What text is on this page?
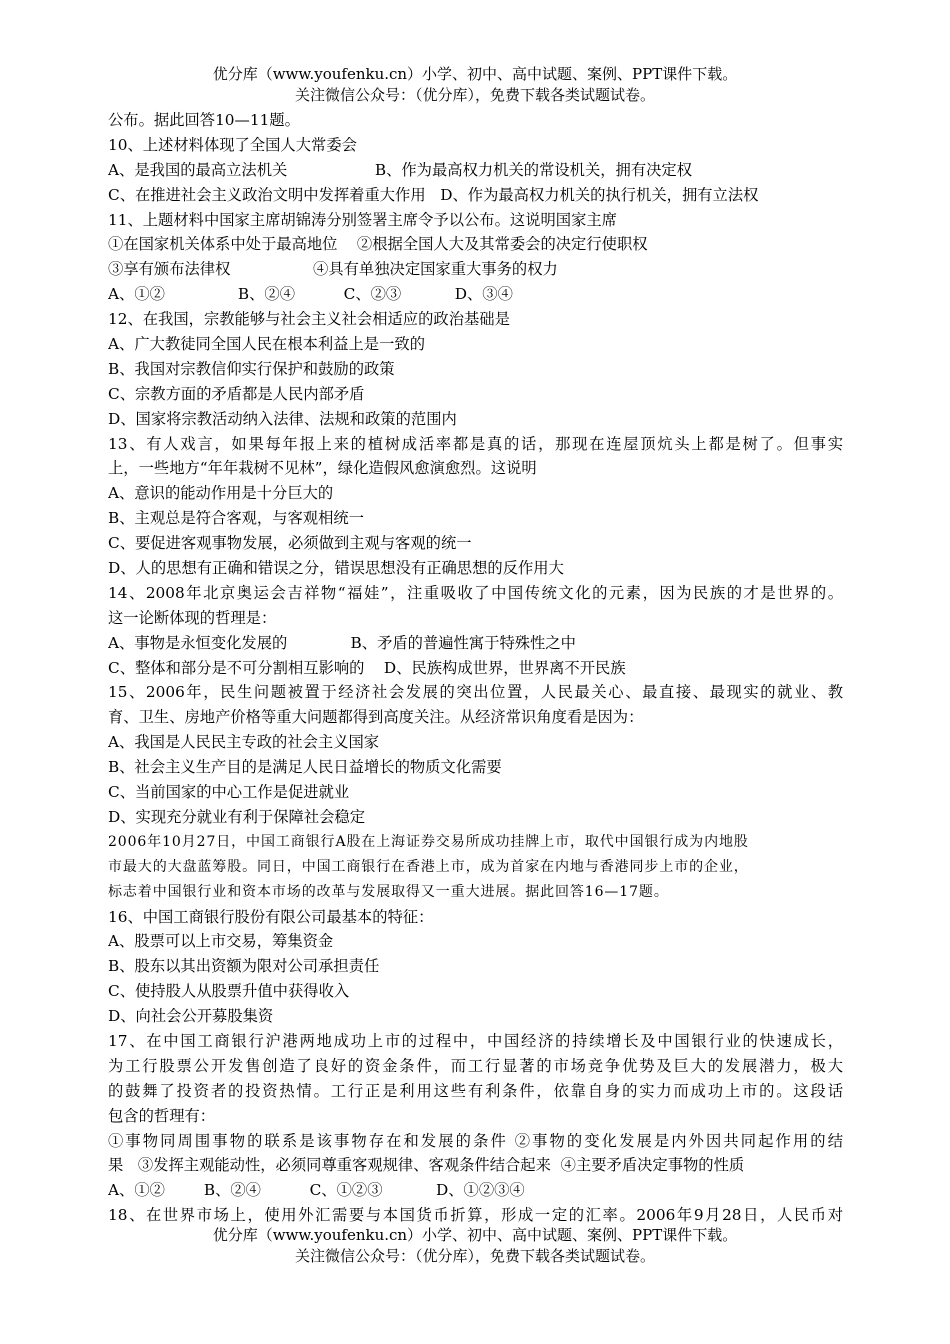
优分库（www.youfenku.cn）小学、初中、高中试题、案例、PPT课件下载。
关注微信公众号：（优分库），免费下载各类试题试卷。
公布。据此回答10—11题。
10、上述材料体现了全国人大常委会
A、是我国的最高立法机关                  B、作为最高权力机关的常设机关，拥有决定权
C、在推进社会主义政治文明中发挥着重大作用   D、作为最高权力机关的执行机关，拥有立法权
11、上题材料中国家主席胡锦涛分别签署主席令予以公布。这说明国家主席
①在国家机关体系中处于最高地位    ②根据全国人大及其常委会的决定行使职权
③享有颁布法律权                 ④具有单独决定国家重大事务的权力
A、①②               B、②④          C、②③           D、③④
12、在我国，宗教能够与社会主义社会相适应的政治基础是
A、广大教徒同全国人民在根本利益上是一致的
B、我国对宗教信仰实行保护和鼓励的政策
C、宗教方面的矛盾都是人民内部矛盾
D、国家将宗教活动纳入法律、法规和政策的范围内
13、有人戏言，如果每年报上来的植树成活率都是真的话，那现在连屋顶炕头上都是树了。但事实
上，一些地方“年年栽树不见林”，绿化造假风愈演愈烈。这说明
A、意识的能动作用是十分巨大的
B、主观总是符合客观，与客观相统一
C、要促进客观事物发展，必须做到主观与客观的统一
D、人的思想有正确和错误之分，错误思想没有正确思想的反作用大
14、2008年北京奥运会吉祥物“福娃”，注重吸收了中国传统文化的元素，因为民族的才是世界的。
这一论断体现的哲理是：
A、事物是永恒变化发展的             B、矛盾的普遍性寓于特殊性之中
C、整体和部分是不可分割相互影响的    D、民族构成世界，世界离不开民族
15、2006年，民生问题被置于经济社会发展的突出位置，人民最关心、最直接、最现实的就业、教
育、卫生、房地产价格等重大问题都得到高度关注。从经济常识角度看是因为：
A、我国是人民民主专政的社会主义国家
B、社会主义生产目的是满足人民日益增长的物质文化需要
C、当前国家的中心工作是促进就业
D、实现充分就业有利于保障社会稳定
2006年10月27日，中国工商银行A股在上海证券交易所成功挂牌上市，取代中国银行成为内地股
市最大的大盘蓝筹股。同日，中国工商银行在香港上市，成为首家在内地与香港同步上市的企业，
标志着中国银行业和资本市场的改革与发展取得又一重大进展。据此回答16—17题。
16、中国工商银行股份有限公司最基本的特征：
A、股票可以上市交易，筹集资金
B、股东以其出资额为限对公司承担责任
C、使持股人从股票升值中获得收入
D、向社会公开募股集资
17、在中国工商银行沪港两地成功上市的过程中，中国经济的持续增长及中国银行业的快速成长，
为工行股票公开发售创造了良好的资金条件，而工行显著的市场竞争优势及巨大的发展潜力，极大
的鼓舞了投资者的投资热情。工行正是利用这些有利条件，依靠自身的实力而成功上市的。这段话
包含的哲理有：
①事物同周围事物的联系是该事物存在和发展的条件 ②事物的变化发展是内外因共同起作用的结
果   ③发挥主观能动性，必须同尊重客观规律、客观条件结合起来  ④主要矛盾决定事物的性质
A、①②        B、②④          C、①②③           D、①②③④
18、在世界市场上，使用外汇需要与本国货币折算，形成一定的汇率。2006年9月28日，人民币对
优分库（www.youfenku.cn）小学、初中、高中试题、案例、PPT课件下载。
关注微信公众号：（优分库），免费下载各类试题试卷。
